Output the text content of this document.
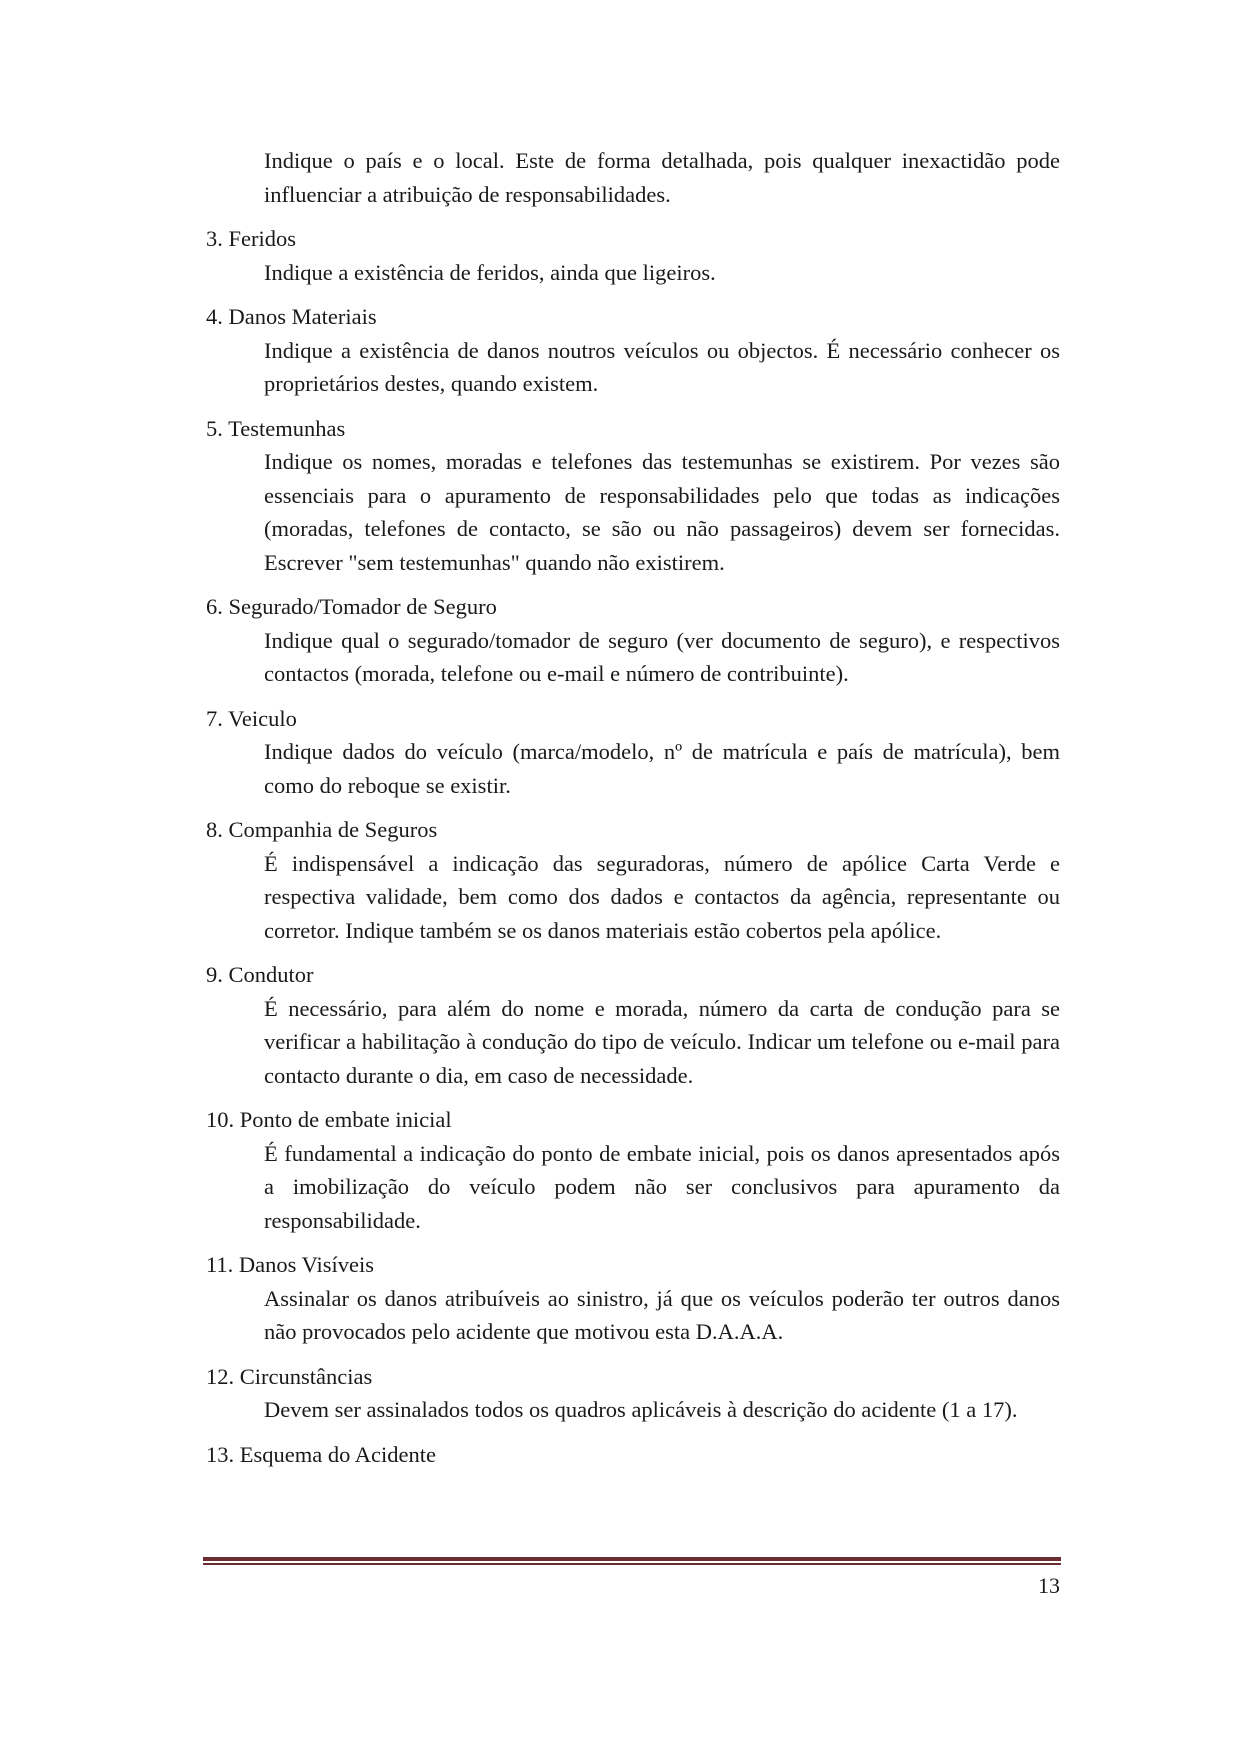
Indique o país e o local. Este de forma detalhada, pois qualquer inexactidão pode influenciar a atribuição de responsabilidades.

3. Feridos
Indique a existência de feridos, ainda que ligeiros.
4. Danos Materiais
Indique a existência de danos noutros veículos ou objectos. É necessário conhecer os proprietários destes, quando existem.
5. Testemunhas
Indique os nomes, moradas e telefones das testemunhas se existirem. Por vezes são essenciais para o apuramento de responsabilidades pelo que todas as indicações (moradas, telefones de contacto, se são ou não passageiros) devem ser fornecidas. Escrever "sem testemunhas" quando não existirem.
6. Segurado/Tomador de Seguro
Indique qual o segurado/tomador de seguro (ver documento de seguro), e respectivos contactos (morada, telefone ou e-mail e número de contribuinte).
7. Veiculo
Indique dados do veículo (marca/modelo, nº de matrícula e país de matrícula), bem como do reboque se existir.
8. Companhia de Seguros
É indispensável a indicação das seguradoras, número de apólice Carta Verde e respectiva validade, bem como dos dados e contactos da agência, representante ou corretor. Indique também se os danos materiais estão cobertos pela apólice.
9. Condutor
É necessário, para além do nome e morada, número da carta de condução para se verificar a habilitação à condução do tipo de veículo. Indicar um telefone ou e-mail para contacto durante o dia, em caso de necessidade.
10. Ponto de embate inicial
É fundamental a indicação do ponto de embate inicial, pois os danos apresentados após a imobilização do veículo podem não ser conclusivos para apuramento da responsabilidade.
11. Danos Visíveis
Assinalar os danos atribuíveis ao sinistro, já que os veículos poderão ter outros danos não provocados pelo acidente que motivou esta D.A.A.A.
12. Circunstâncias
Devem ser assinalados todos os quadros aplicáveis à descrição do acidente (1 a 17).
13. Esquema do Acidente
13
